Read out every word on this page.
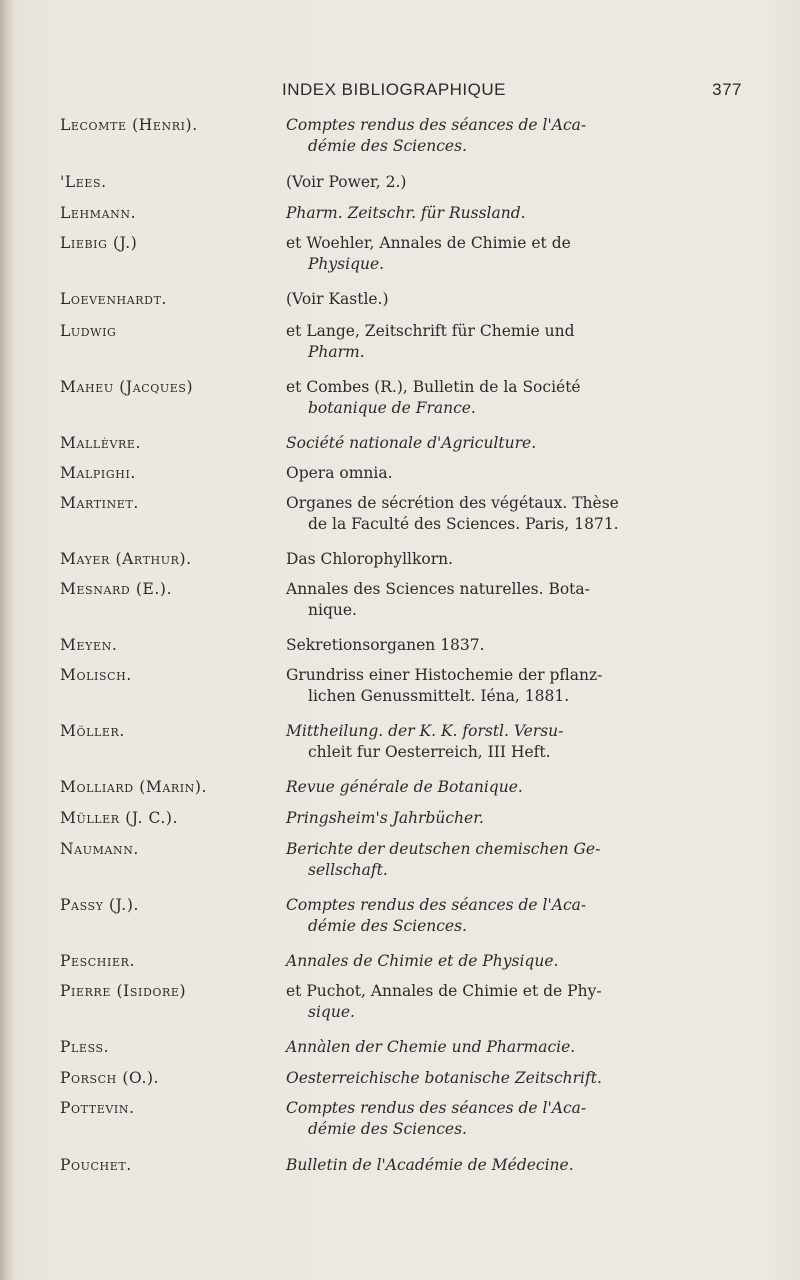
INDEX BIBLIOGRAPHIQUE	377
Lecomte (Henri).	Comptes rendus des séances de l'Aca-
démie des Sciences.
'Lees.	(Voir Power, 2.)
Lehmann.	Pharm. Zeitschr. für Russland.
Liebig (J.)	et Woehler, Annales de Chimie et de
Physique.
Loevenhardt.	(Voir Kastle.)
Ludwig	et Lange, Zeitschrift für Chemie und
Pharm.
Maheu (Jacques)	et Combes (R.), Bulletin de la Société
botanique de France.
Mallèvre.	Société nationale d'Agriculture.
Malpighi.	Opera omnia.
Martinet.	Organes de sécrétion des végétaux. Thèse
de la Faculté des Sciences. Paris, 1871.
Mayer (Arthur).	Das Chlorophyllkorn.
Mesnard (E.).	Annales des Sciences naturelles. Bota-
nique.
Meyen.	Sekretionsorganen 1837.
Molisch.	Grundriss einer Histochemie der pflanz-
lichen Genussmittelt. Iéna, 1881.
Möller.	Mittheilung. der K. K. forstl. Versu-
chleit fur Oesterreich, III Heft.
Molliard (Marin).	Revue générale de Botanique.
Müller (J. C.).	Pringsheim's Jahrbücher.
Naumann.	Berichte der deutschen chemischen Ge-
sellschaft.
Passy (J.).	Comptes rendus des séances de l'Aca-
démie des Sciences.
Peschier.	Annales de Chimie et de Physique.
Pierre (Isidore)	et Puchot, Annales de Chimie et de Phy-
sique.
Pless.	Annàlen der Chemie und Pharmacie.
Porsch (O.).	Oesterreichische botanische Zeitschrift.
Pottevin.	Comptes rendus des séances de l'Aca-
démie des Sciences.
Pouchet.	Bulletin de l'Académie de Médecine.
